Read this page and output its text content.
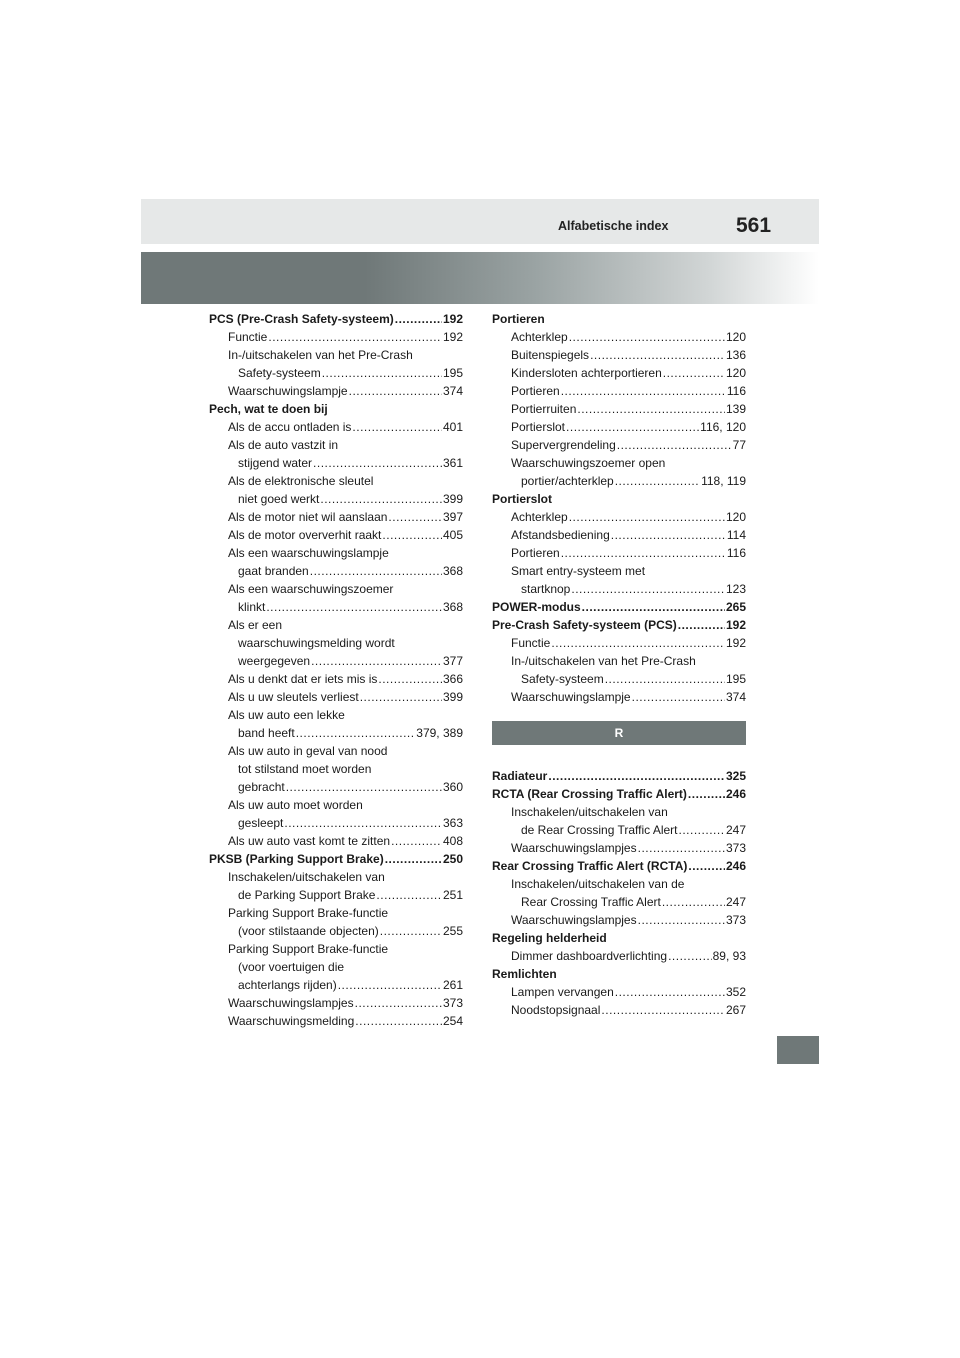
Alfabetische index	561
PCS (Pre-Crash Safety-systeem) .....	192
Functie .....	192
In-/uitschakelen van het Pre-Crash
Safety-systeem .....	195
Waarschuwingslampje .....	374
Pech, wat te doen bij
Als de accu ontladen is .....	401
Als de auto vastzit in
stijgend water .....	361
Als de elektronische sleutel
niet goed werkt .....	399
Als de motor niet wil aanslaan .....	397
Als de motor oververhit raakt .....	405
Als een waarschuwingslampje
gaat branden .....	368
Als een waarschuwingszoemer
klinkt .....	368
Als er een
waarschuwingsmelding wordt
weergegeven .....	377
Als u denkt dat er iets mis is .....	366
Als u uw sleutels verliest .....	399
Als uw auto een lekke
band heeft .....	379, 389
Als uw auto in geval van nood
tot stilstand moet worden
gebracht .....	360
Als uw auto moet worden
gesleept .....	363
Als uw auto vast komt te zitten .....	408
PKSB (Parking Support Brake) .....	250
Inschakelen/uitschakelen van
de Parking Support Brake .....	251
Parking Support Brake-functie
(voor stilstaande objecten) .....	255
Parking Support Brake-functie
(voor voertuigen die
achterlangs rijden) .....	261
Waarschuwingslampjes .....	373
Waarschuwingsmelding .....	254
Portieren
Achterklep .....	120
Buitenspiegels .....	136
Kindersloten achterportieren .....	120
Portieren .....	116
Portierruiten .....	139
Portierslot .....	116, 120
Supervergrendeling .....	77
Waarschuwingszoemer open
portier/achterklep .....	118, 119
Portierslot
Achterklep .....	120
Afstandsbediening .....	114
Portieren .....	116
Smart entry-systeem met
startknop .....	123
POWER-modus .....	265
Pre-Crash Safety-systeem (PCS) .....	192
Functie .....	192
In-/uitschakelen van het Pre-Crash
Safety-systeem .....	195
Waarschuwingslampje .....	374
R
Radiateur .....	325
RCTA (Rear Crossing Traffic Alert) .....	246
Inschakelen/uitschakelen van
de Rear Crossing Traffic Alert .....	247
Waarschuwingslampjes .....	373
Rear Crossing Traffic Alert (RCTA) .....	246
Inschakelen/uitschakelen van de
Rear Crossing Traffic Alert .....	247
Waarschuwingslampjes .....	373
Regeling helderheid
Dimmer dashboardverlichting .....	89, 93
Remlichten
Lampen vervangen .....	352
Noodstopsignaal .....	267
